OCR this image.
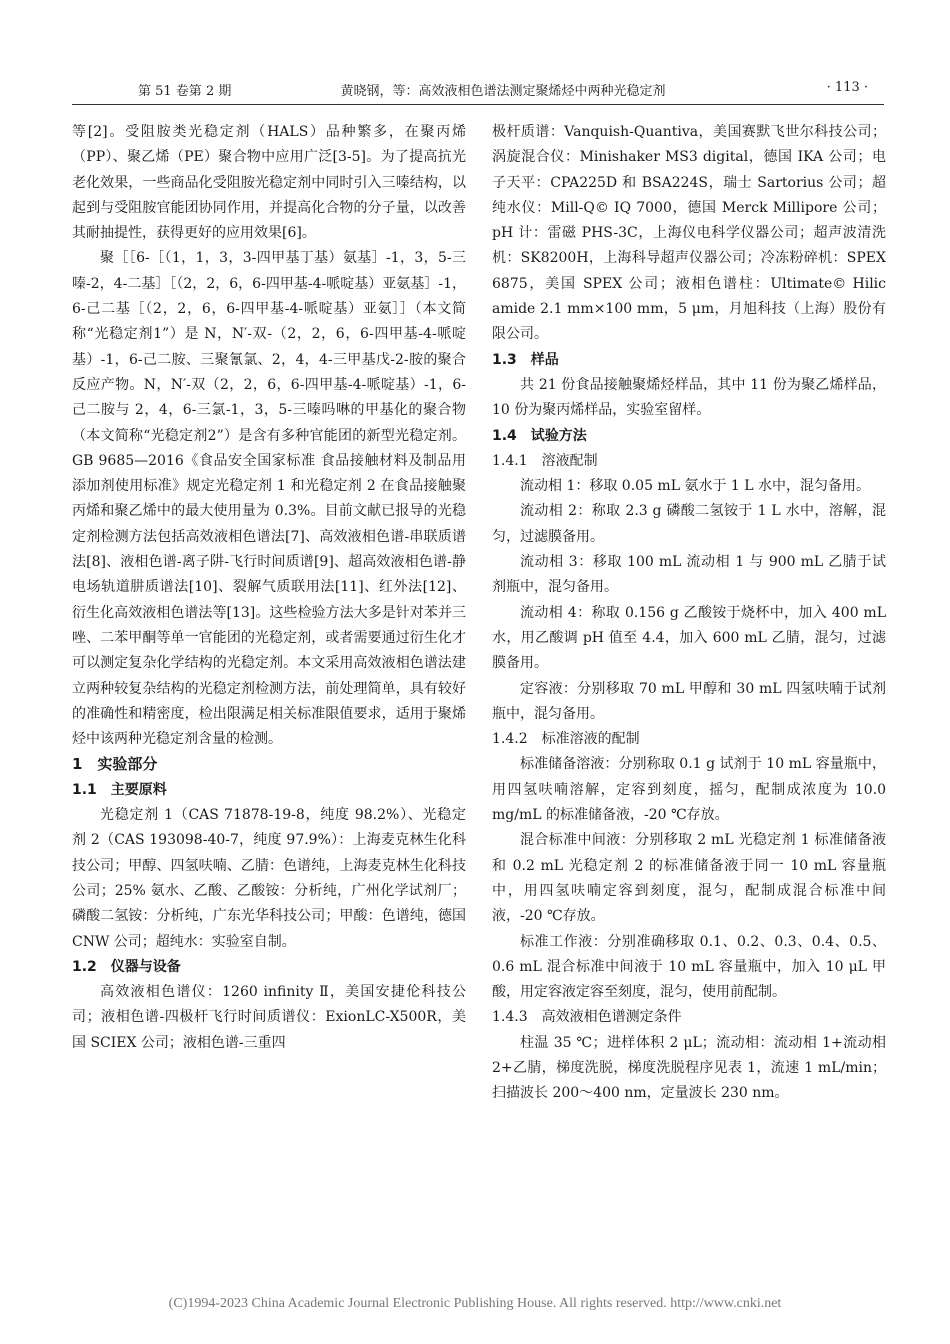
第 51 卷第 2 期	黄晓钢，等：高效液相色谱法测定聚烯烃中两种光稳定剂	· 113 ·

等[2]。受阻胺类光稳定剂（HALS）品种繁多，在聚丙烯（PP）、聚乙烯（PE）聚合物中应用广泛[3-5]。为了提高抗光老化效果，一些商品化受阻胺光稳定剂中同时引入三嗪结构，以起到与受阻胺官能团协同作用，并提高化合物的分子量，以改善其耐抽提性，获得更好的应用效果[6]。

聚［［6-［（1，1，3，3-四甲基丁基）氨基］-1，3，5-三嗪-2，4-二基］［（2，2，6，6-四甲基-4-哌啶基）亚氨基］-1，6-己二基［（2，2，6，6-四甲基-4-哌啶基）亚氨］］（本文简称“光稳定剂1”）是 N，N′-双-（2，2，6，6-四甲基-4-哌啶基）-1，6-己二胺、三聚氰氯、2，4，4-三甲基戊-2-胺的聚合反应产物。N，N′-双（2，2，6，6-四甲基-4-哌啶基）-1，6-己二胺与 2，4，6-三氯-1，3，5-三嗪吗啉的甲基化的聚合物（本文简称“光稳定剂2”）是含有多种官能团的新型光稳定剂。GB 9685—2016《食品安全国家标准 食品接触材料及制品用添加剂使用标准》规定光稳定剂 1 和光稳定剂 2 在食品接触聚丙烯和聚乙烯中的最大使用量为 0.3%。目前文献已报导的光稳定剂检测方法包括高效液相色谱法[7]、高效液相色谱-串联质谱法[8]、液相色谱-离子阱-飞行时间质谱[9]、超高效液相色谱-静电场轨道肼质谱法[10]、裂解气质联用法[11]、红外法[12]、衍生化高效液相色谱法等[13]。这些检验方法大多是针对苯并三唑、二苯甲酮等单一官能团的光稳定剂，或者需要通过衍生化才可以测定复杂化学结构的光稳定剂。本文采用高效液相色谱法建立两种较复杂结构的光稳定剂检测方法，前处理简单，具有较好的准确性和精密度，检出限满足相关标准限值要求，适用于聚烯烃中该两种光稳定剂含量的检测。

1　实验部分

1.1　主要原料

光稳定剂 1（CAS 71878-19-8，纯度 98.2%）、光稳定剂 2（CAS 193098-40-7，纯度 97.9%）：上海麦克林生化科技公司；甲醇、四氢呋喃、乙腈：色谱纯，上海麦克林生化科技公司；25% 氨水、乙酸、乙酸铵：分析纯，广州化学试剂厂；磷酸二氢铵：分析纯，广东光华科技公司；甲酸：色谱纯，德国 CNW 公司；超纯水：实验室自制。

1.2　仪器与设备

高效液相色谱仪：1260 infinity Ⅱ，美国安捷伦科技公司；液相色谱-四极杆飞行时间质谱仪：ExionLC-X500R，美国 SCIEX 公司；液相色谱-三重四

极杆质谱：Vanquish-Quantiva，美国赛默飞世尔科技公司；涡旋混合仪：Minishaker MS3 digital，德国 IKA 公司；电子天平：CPA225D 和 BSA224S，瑞士 Sartorius 公司；超纯水仪：Mill-Q© IQ 7000，德国 Merck Millipore 公司；pH 计：雷磁 PHS-3C，上海仪电科学仪器公司；超声波清洗机：SK8200H，上海科导超声仪器公司；冷冻粉碎机：SPEX 6875，美国 SPEX 公司；液相色谱柱：Ultimate© Hilic amide 2.1 mm×100 mm，5 μm，月旭科技（上海）股份有限公司。

1.3　样品

共 21 份食品接触聚烯烃样品，其中 11 份为聚乙烯样品，10 份为聚丙烯样品，实验室留样。

1.4　试验方法

1.4.1　溶液配制

流动相 1：移取 0.05 mL 氨水于 1 L 水中，混匀备用。

流动相 2：称取 2.3 g 磷酸二氢铵于 1 L 水中，溶解，混匀，过滤膜备用。

流动相 3：移取 100 mL 流动相 1 与 900 mL 乙腈于试剂瓶中，混匀备用。

流动相 4：称取 0.156 g 乙酸铵于烧杯中，加入 400 mL 水，用乙酸调 pH 值至 4.4，加入 600 mL 乙腈，混匀，过滤膜备用。

定容液：分别移取 70 mL 甲醇和 30 mL 四氢呋喃于试剂瓶中，混匀备用。

1.4.2　标准溶液的配制

标准储备溶液：分别称取 0.1 g 试剂于 10 mL 容量瓶中，用四氢呋喃溶解，定容到刻度，摇匀，配制成浓度为 10.0 mg/mL 的标准储备液，-20 ℃存放。

混合标准中间液：分别移取 2 mL 光稳定剂 1 标准储备液和 0.2 mL 光稳定剂 2 的标准储备液于同一 10 mL 容量瓶中，用四氢呋喃定容到刻度，混匀，配制成混合标准中间液，-20 ℃存放。

标准工作液：分别准确移取 0.1、0.2、0.3、0.4、0.5、0.6 mL 混合标准中间液于 10 mL 容量瓶中，加入 10 μL 甲酸，用定容液定容至刻度，混匀，使用前配制。

1.4.3　高效液相色谱测定条件

柱温 35 ℃；进样体积 2 μL；流动相：流动相 1+流动相 2+乙腈，梯度洗脱，梯度洗脱程序见表 1，流速 1 mL/min；扫描波长 200～400 nm，定量波长 230 nm。

(C)1994-2023 China Academic Journal Electronic Publishing House. All rights reserved. http://www.cnki.net
